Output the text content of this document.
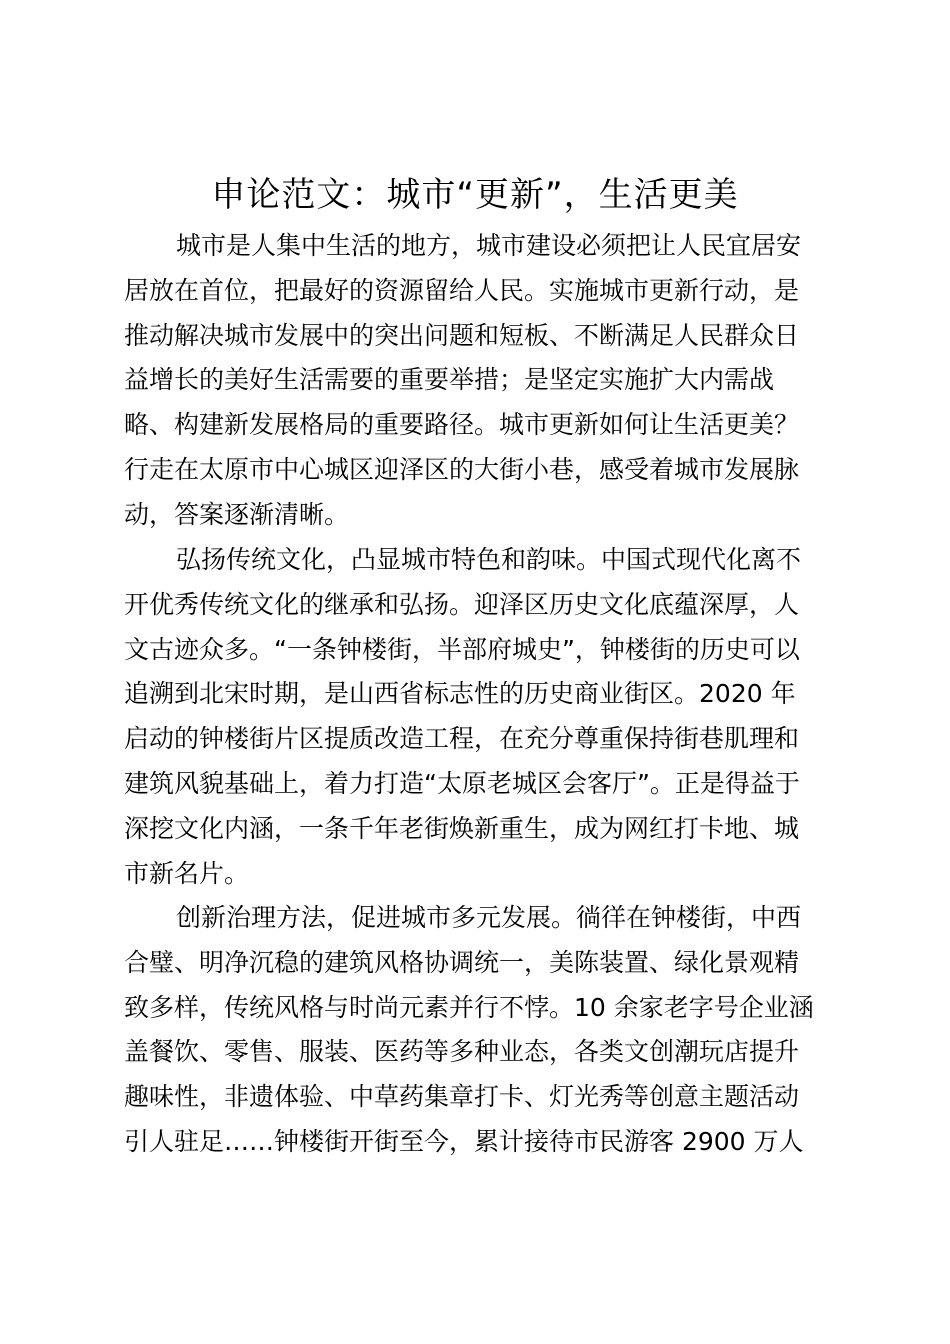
申论范文：城市“更新”，生活更美
城市是人集中生活的地方，城市建设必须把让人民宜居安
居放在首位，把最好的资源留给人民。实施城市更新行动，是
推动解决城市发展中的突出问题和短板、不断满足人民群众日
益增长的美好生活需要的重要举措；是坚定实施扩大内需战
略、构建新发展格局的重要路径。城市更新如何让生活更美？
行走在太原市中心城区迎泽区的大街小巷，感受着城市发展脉
动，答案逐渐清晰。
弘扬传统文化，凸显城市特色和韵味。中国式现代化离不
开优秀传统文化的继承和弘扬。迎泽区历史文化底蕴深厚，人
文古迹众多。“一条钟楼街，半部府城史”，钟楼街的历史可以
追溯到北宋时期，是山西省标志性的历史商业街区。2020 年
启动的钟楼街片区提质改造工程，在充分尊重保持街巷肌理和
建筑风貌基础上，着力打造“太原老城区会客厅”。正是得益于
深挖文化内涵，一条千年老街焕新重生，成为网红打卡地、城
市新名片。
创新治理方法，促进城市多元发展。徜徉在钟楼街，中西
合璧、明净沉稳的建筑风格协调统一，美陈装置、绿化景观精
致多样，传统风格与时尚元素并行不悖。10 余家老字号企业涵
盖餐饮、零售、服装、医药等多种业态，各类文创潮玩店提升
趣味性，非遗体验、中草药集章打卡、灯光秀等创意主题活动
引人驻足……钟楼街开街至今，累计接待市民游客 2900 万人
